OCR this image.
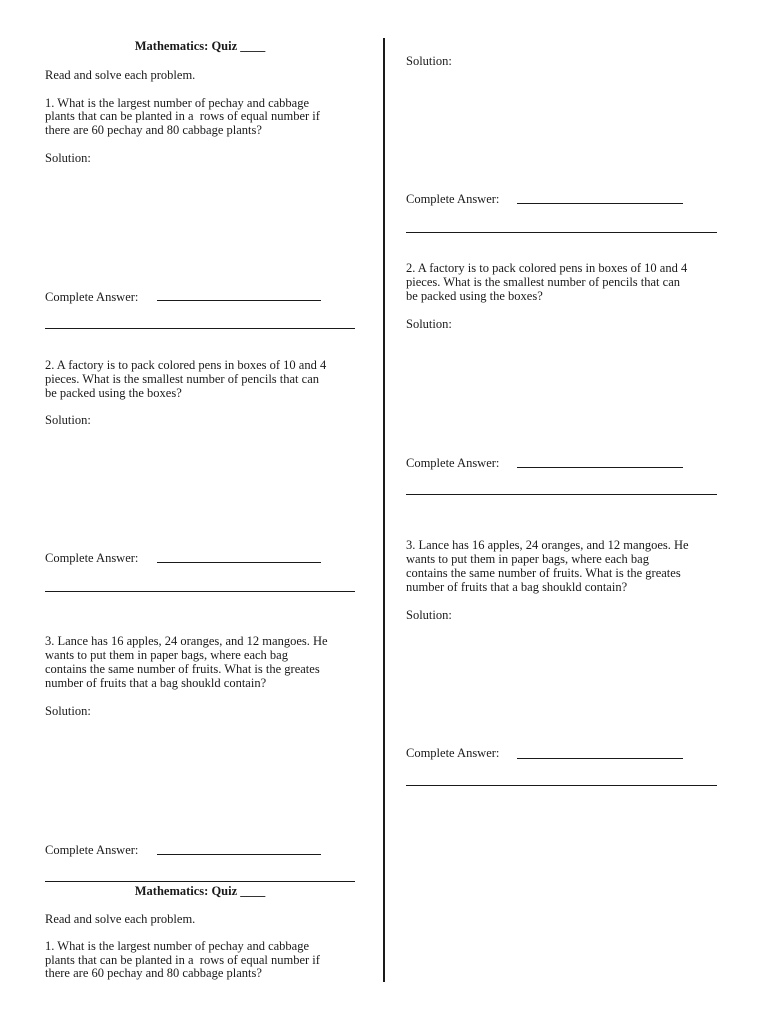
Mathematics: Quiz ____
Read and solve each problem.
1. What is the largest number of pechay and cabbage
plants that can be planted in a  rows of equal number if
there are 60 pechay and 80 cabbage plants?
Solution:
Complete Answer:
2. A factory is to pack colored pens in boxes of 10 and 4
pieces. What is the smallest number of pencils that can
be packed using the boxes?
Solution:
Complete Answer:
3. Lance has 16 apples, 24 oranges, and 12 mangoes. He
wants to put them in paper bags, where each bag
contains the same number of fruits. What is the greates
number of fruits that a bag shoukld contain?
Solution:
Complete Answer:
Mathematics: Quiz ____
Read and solve each problem.
1. What is the largest number of pechay and cabbage
plants that can be planted in a  rows of equal number if
there are 60 pechay and 80 cabbage plants?
Solution:
Complete Answer:
2. A factory is to pack colored pens in boxes of 10 and 4
pieces. What is the smallest number of pencils that can
be packed using the boxes?
Solution:
Complete Answer:
3. Lance has 16 apples, 24 oranges, and 12 mangoes. He
wants to put them in paper bags, where each bag
contains the same number of fruits. What is the greates
number of fruits that a bag shoukld contain?
Solution:
Complete Answer:
